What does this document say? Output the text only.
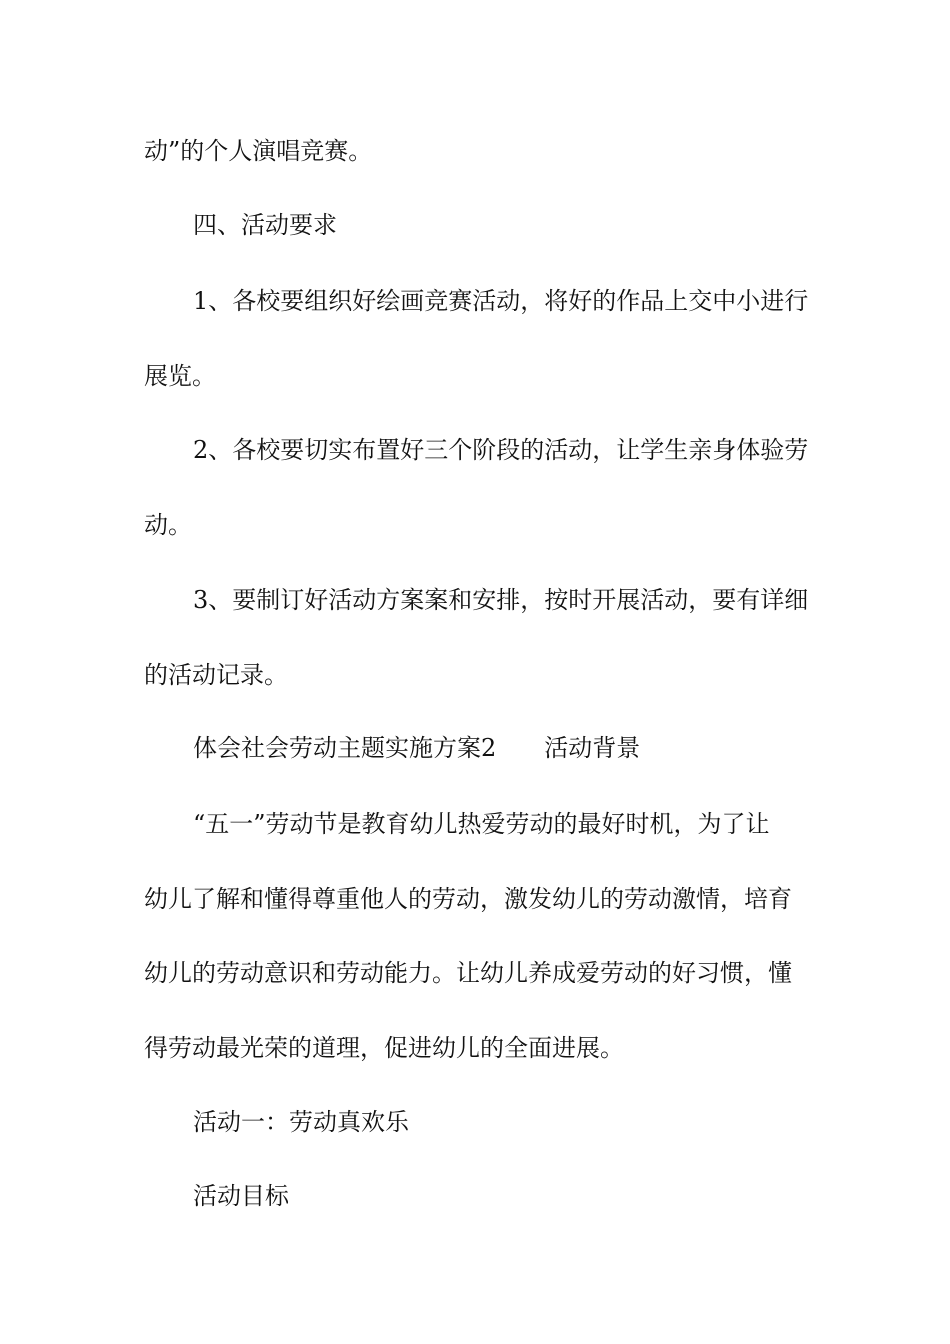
动”的个人演唱竞赛。
四、活动要求
1、各校要组织好绘画竞赛活动，将好的作品上交中小进行
展览。
2、各校要切实布置好三个阶段的活动，让学生亲身体验劳
动。
3、要制订好活动方案案和安排，按时开展活动，要有详细
的活动记录。
体会社会劳动主题实施方案2 活动背景
“五一”劳动节是教育幼儿热爱劳动的最好时机，为了让
幼儿了解和懂得尊重他人的劳动，激发幼儿的劳动激情，培育
幼儿的劳动意识和劳动能力。让幼儿养成爱劳动的好习惯，懂
得劳动最光荣的道理，促进幼儿的全面进展。
活动一：劳动真欢乐
活动目标
